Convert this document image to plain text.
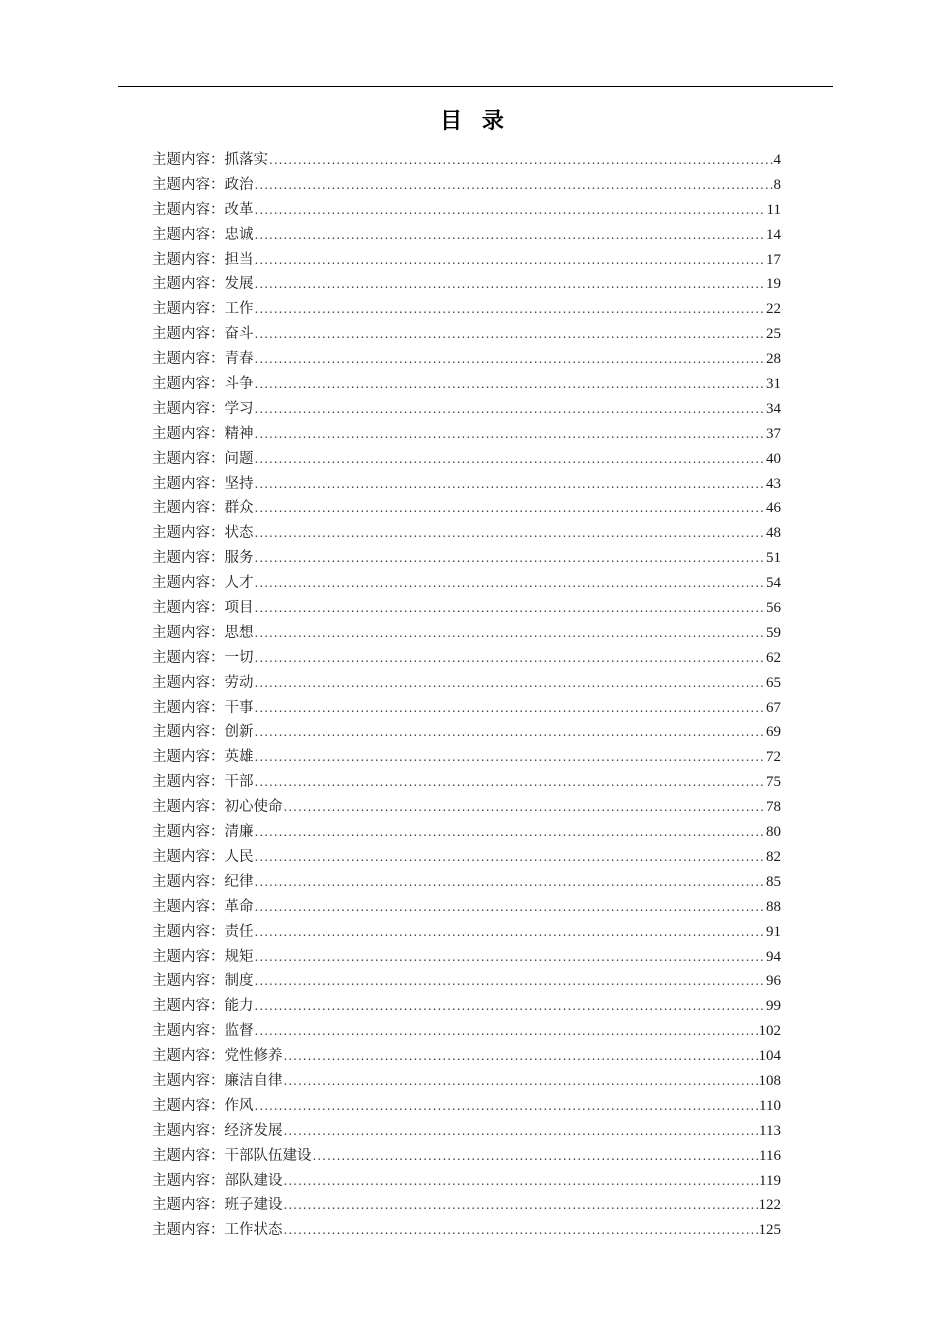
目 录
主题内容：抓落实 .....	4
主题内容：政治 .....	8
主题内容：改革 .....	11
主题内容：忠诚 .....	14
主题内容：担当 .....	17
主题内容：发展 .....	19
主题内容：工作 .....	22
主题内容：奋斗 .....	25
主题内容：青春 .....	28
主题内容：斗争 .....	31
主题内容：学习 .....	34
主题内容：精神 .....	37
主题内容：问题 .....	40
主题内容：坚持 .....	43
主题内容：群众 .....	46
主题内容：状态 .....	48
主题内容：服务 .....	51
主题内容：人才 .....	54
主题内容：项目 .....	56
主题内容：思想 .....	59
主题内容：一切 .....	62
主题内容：劳动 .....	65
主题内容：干事 .....	67
主题内容：创新 .....	69
主题内容：英雄 .....	72
主题内容：干部 .....	75
主题内容：初心使命 .....	78
主题内容：清廉 .....	80
主题内容：人民 .....	82
主题内容：纪律 .....	85
主题内容：革命 .....	88
主题内容：责任 .....	91
主题内容：规矩 .....	94
主题内容：制度 .....	96
主题内容：能力 .....	99
主题内容：监督 .....	102
主题内容：党性修养 .....	104
主题内容：廉洁自律 .....	108
主题内容：作风 .....	110
主题内容：经济发展 .....	113
主题内容：干部队伍建设 .....	116
主题内容：部队建设 .....	119
主题内容：班子建设 .....	122
主题内容：工作状态 .....	125
